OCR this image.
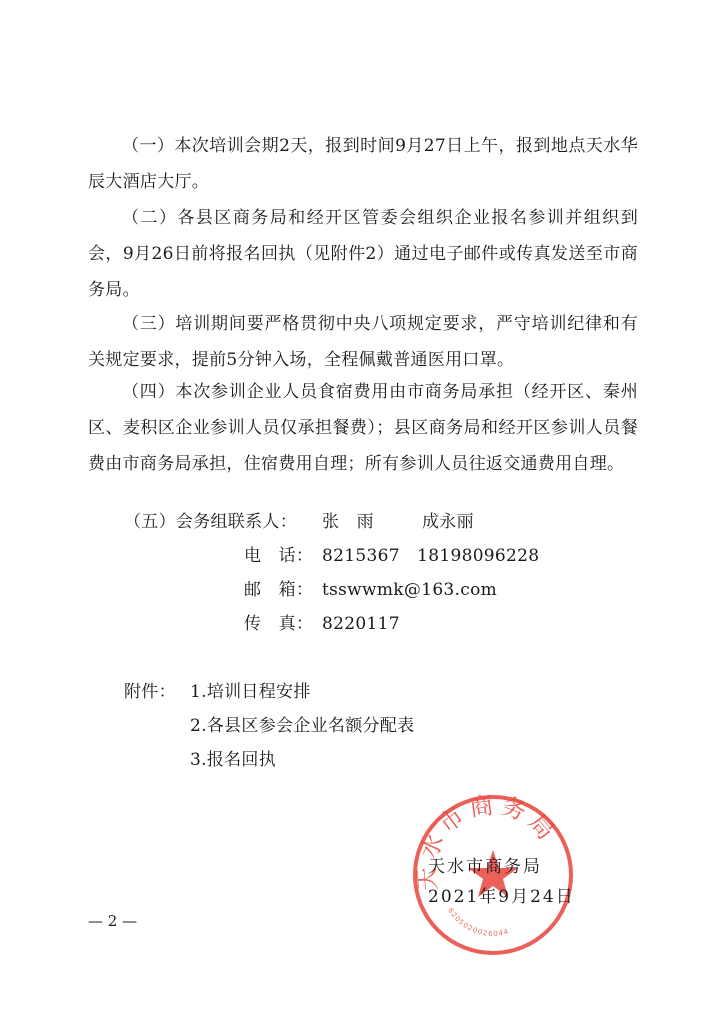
（一）本次培训会期2天，报到时间9月27日上午，报到地点天水华辰大酒店大厅。

（二）各县区商务局和经开区管委会组织企业报名参训并组织到会，9月26日前将报名回执（见附件2）通过电子邮件或传真发送至市商务局。

（三）培训期间要严格贯彻中央八项规定要求，严守培训纪律和有关规定要求，提前5分钟入场，全程佩戴普通医用口罩。

（四）本次参训企业人员食宿费用由市商务局承担（经开区、秦州区、麦积区企业参训人员仅承担餐费）；县区商务局和经开区参训人员餐费由市商务局承担，住宿费用自理；所有参训人员往返交通费用自理。

（五）会务组联系人： 张　雨	成永丽
电　话： 8215367　18198096228
邮　箱： tsswwmk@163.com
传　真： 8220117
附件： 1.培训日程安排
2.各县区参会企业名额分配表
3.报名回执
天水市商务局
6205020026044
天水市商务局
2021年9月24日
— 2 —
